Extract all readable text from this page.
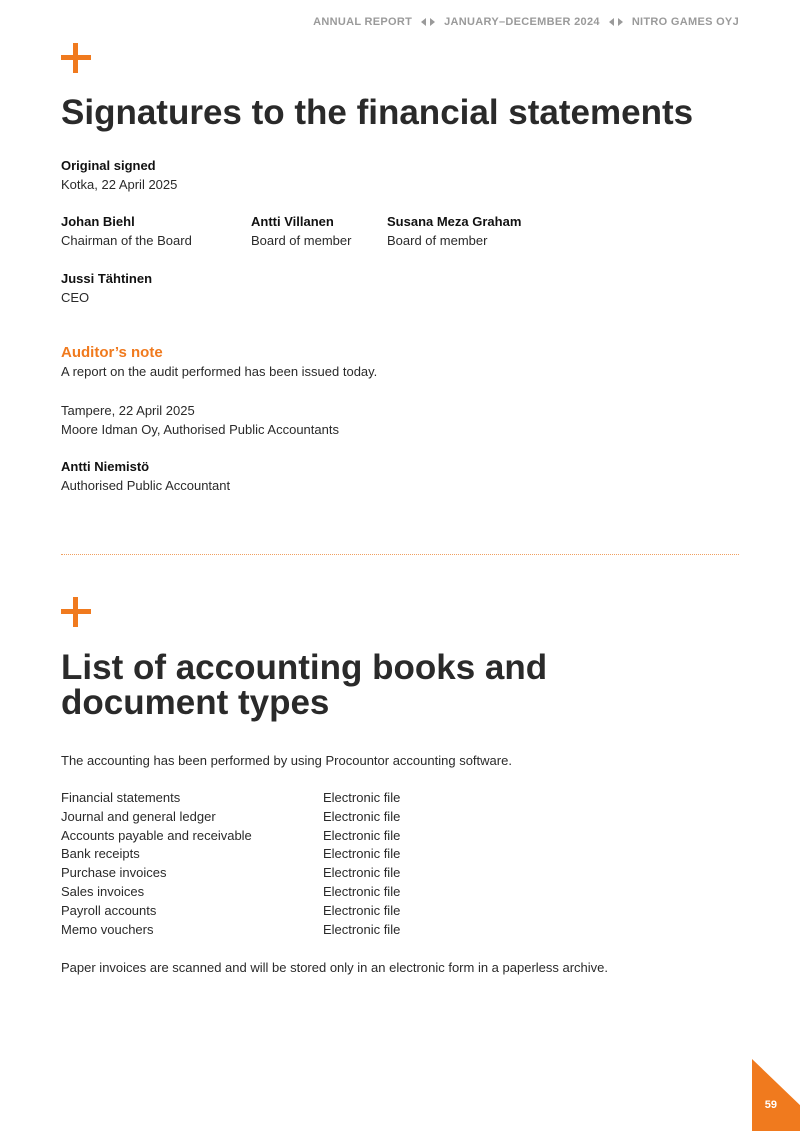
ANNUAL REPORT	JANUARY–DECEMBER 2024	NITRO GAMES OYJ
Signatures to the financial statements
Original signed
Kotka, 22 April 2025
Johan Biehl
Chairman of the Board
Antti Villanen
Board of member
Susana Meza Graham
Board of member
Jussi Tähtinen
CEO
Auditor’s note
A report on the audit performed has been issued today.
Tampere, 22 April 2025
Moore Idman Oy, Authorised Public Accountants
Antti Niemistö
Authorised Public Accountant
List of accounting books and
document types
The accounting has been performed by using Procountor accounting software.
Financial statements	Electronic file
Journal and general ledger	Electronic file
Accounts payable and receivable	Electronic file
Bank receipts	Electronic file
Purchase invoices	Electronic file
Sales invoices	Electronic file
Payroll accounts	Electronic file
Memo vouchers	Electronic file
Paper invoices are scanned and will be stored only in an electronic form in a paperless archive.
59
